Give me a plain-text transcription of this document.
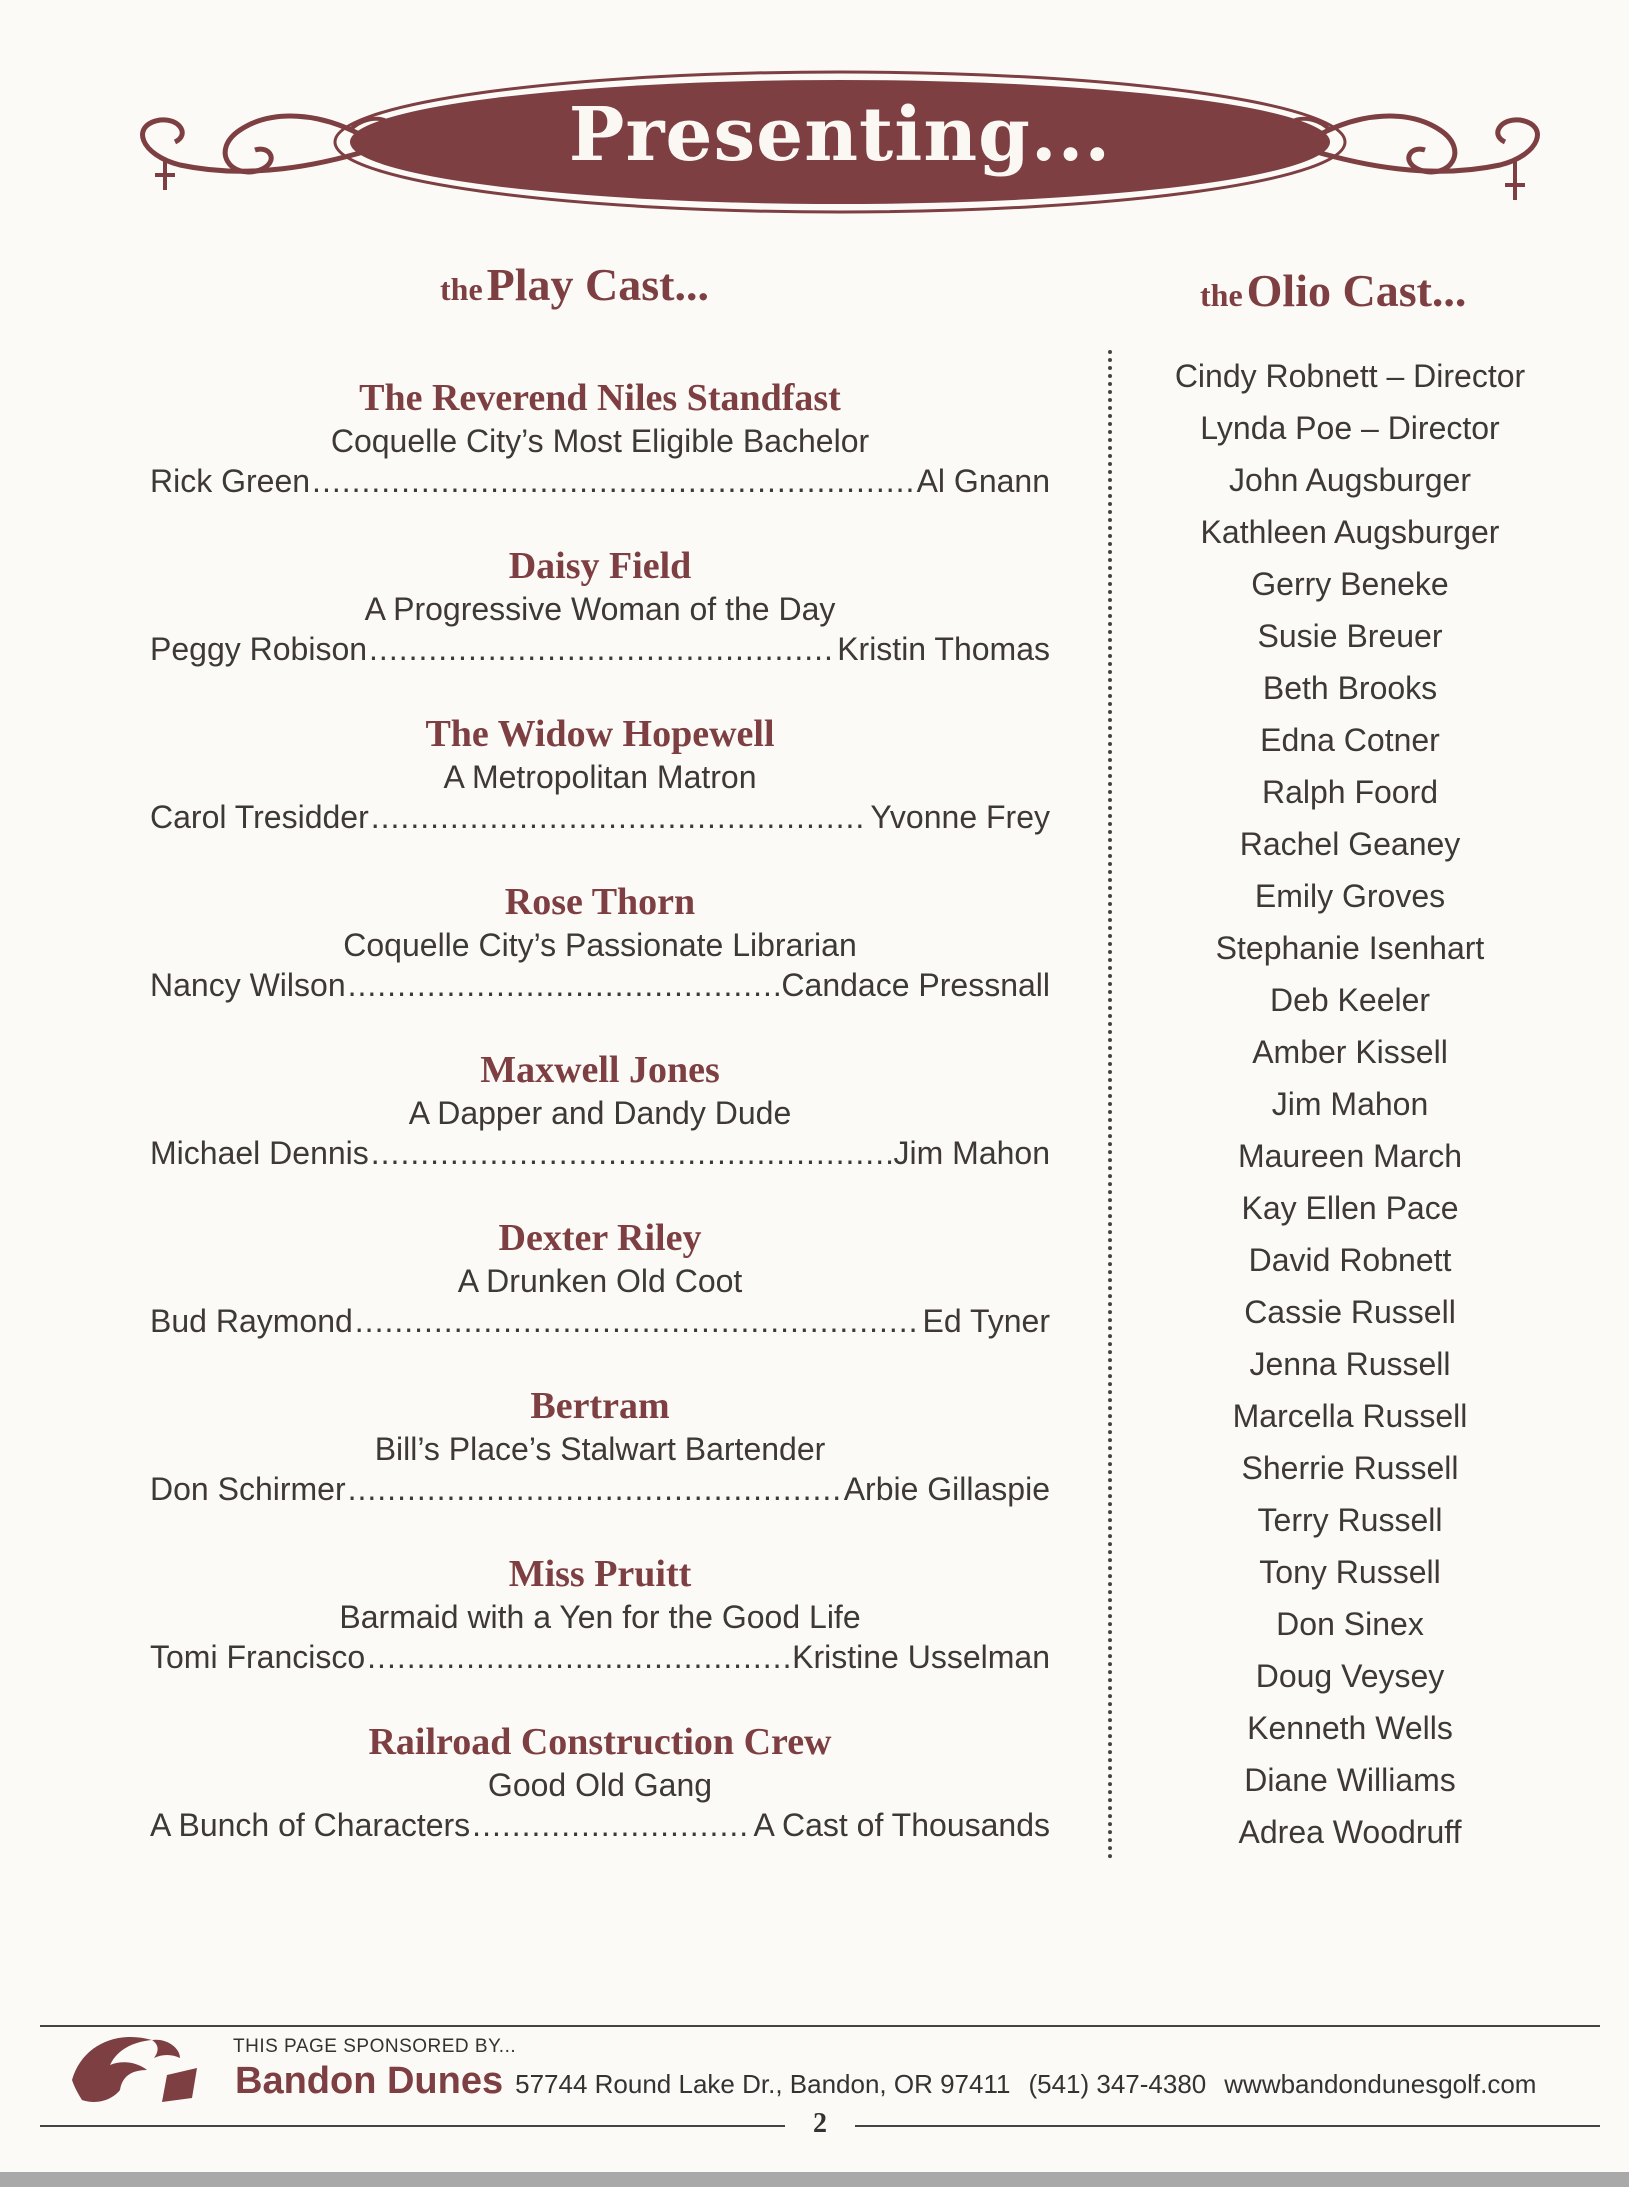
Presenting...
the Play Cast...	the Olio Cast...
The Reverend Niles Standfast
Coquelle City’s Most Eligible Bachelor
Rick Green .....	Al Gnann
Daisy Field
A Progressive Woman of the Day
Peggy Robison .....	Kristin Thomas
The Widow Hopewell
A Metropolitan Matron
Carol Tresidder .....	Yvonne Frey
Rose Thorn
Coquelle City’s Passionate Librarian
Nancy Wilson .....	Candace Pressnall
Maxwell Jones
A Dapper and Dandy Dude
Michael Dennis .....	Jim Mahon
Dexter Riley
A Drunken Old Coot
Bud Raymond .....	Ed Tyner
Bertram
Bill’s Place’s Stalwart Bartender
Don Schirmer .....	Arbie Gillaspie
Miss Pruitt
Barmaid with a Yen for the Good Life
Tomi Francisco .....	Kristine Usselman
Railroad Construction Crew
Good Old Gang
A Bunch of Characters .....	A Cast of Thousands
Cindy Robnett – Director
Lynda Poe – Director
John Augsburger
Kathleen Augsburger
Gerry Beneke
Susie Breuer
Beth Brooks
Edna Cotner
Ralph Foord
Rachel Geaney
Emily Groves
Stephanie Isenhart
Deb Keeler
Amber Kissell
Jim Mahon
Maureen March
Kay Ellen Pace
David Robnett
Cassie Russell
Jenna Russell
Marcella Russell
Sherrie Russell
Terry Russell
Tony Russell
Don Sinex
Doug Veysey
Kenneth Wells
Diane Williams
Adrea Woodruff
THIS PAGE SPONSORED BY...
Bandon Dunes 57744 Round Lake Dr., Bandon, OR 97411 (541) 347-4380 wwwbandondunesgolf.com
2
